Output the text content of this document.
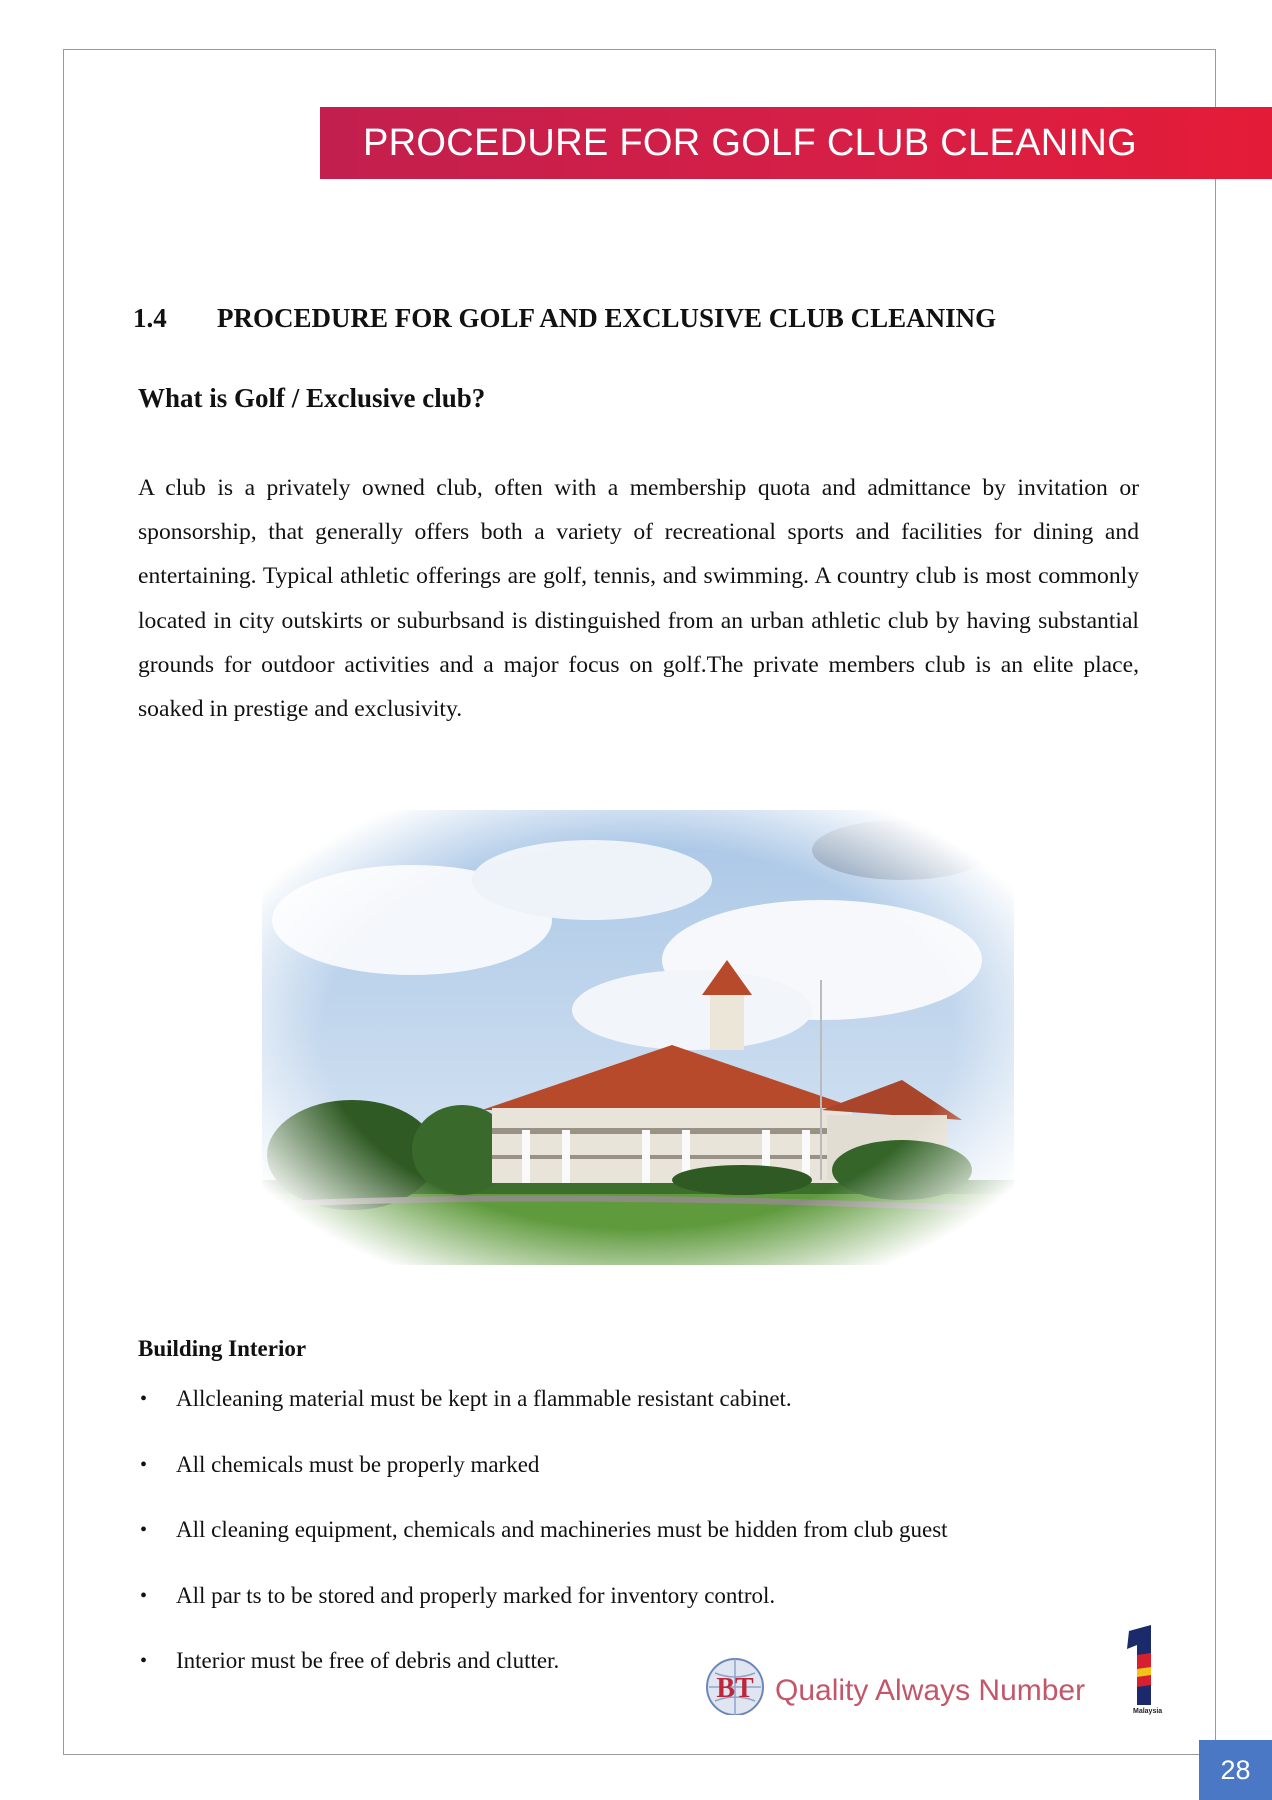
PROCEDURE FOR GOLF CLUB CLEANING
1.4	PROCEDURE FOR GOLF AND EXCLUSIVE CLUB CLEANING
What is Golf / Exclusive club?
A club is a privately owned club, often with a membership quota and admittance by invitation or sponsorship, that generally offers both a variety of recreational sports and facilities for dining and entertaining. Typical athletic offerings are golf, tennis, and swimming. A country club is most commonly located in city outskirts or suburbsand is distinguished from an urban athletic club by having substantial grounds for outdoor activities and a major focus on golf.The private members club is an elite place, soaked in prestige and exclusivity.
Building Interior
•	Allcleaning material must be kept in a flammable resistant cabinet.
•	All chemicals must be properly marked
•	All cleaning equipment, chemicals and machineries must be hidden from club guest
•	All par ts to be stored and properly marked for inventory control.
•	Interior must be free of debris and clutter.
BT Quality Always Number
Malaysia
28
